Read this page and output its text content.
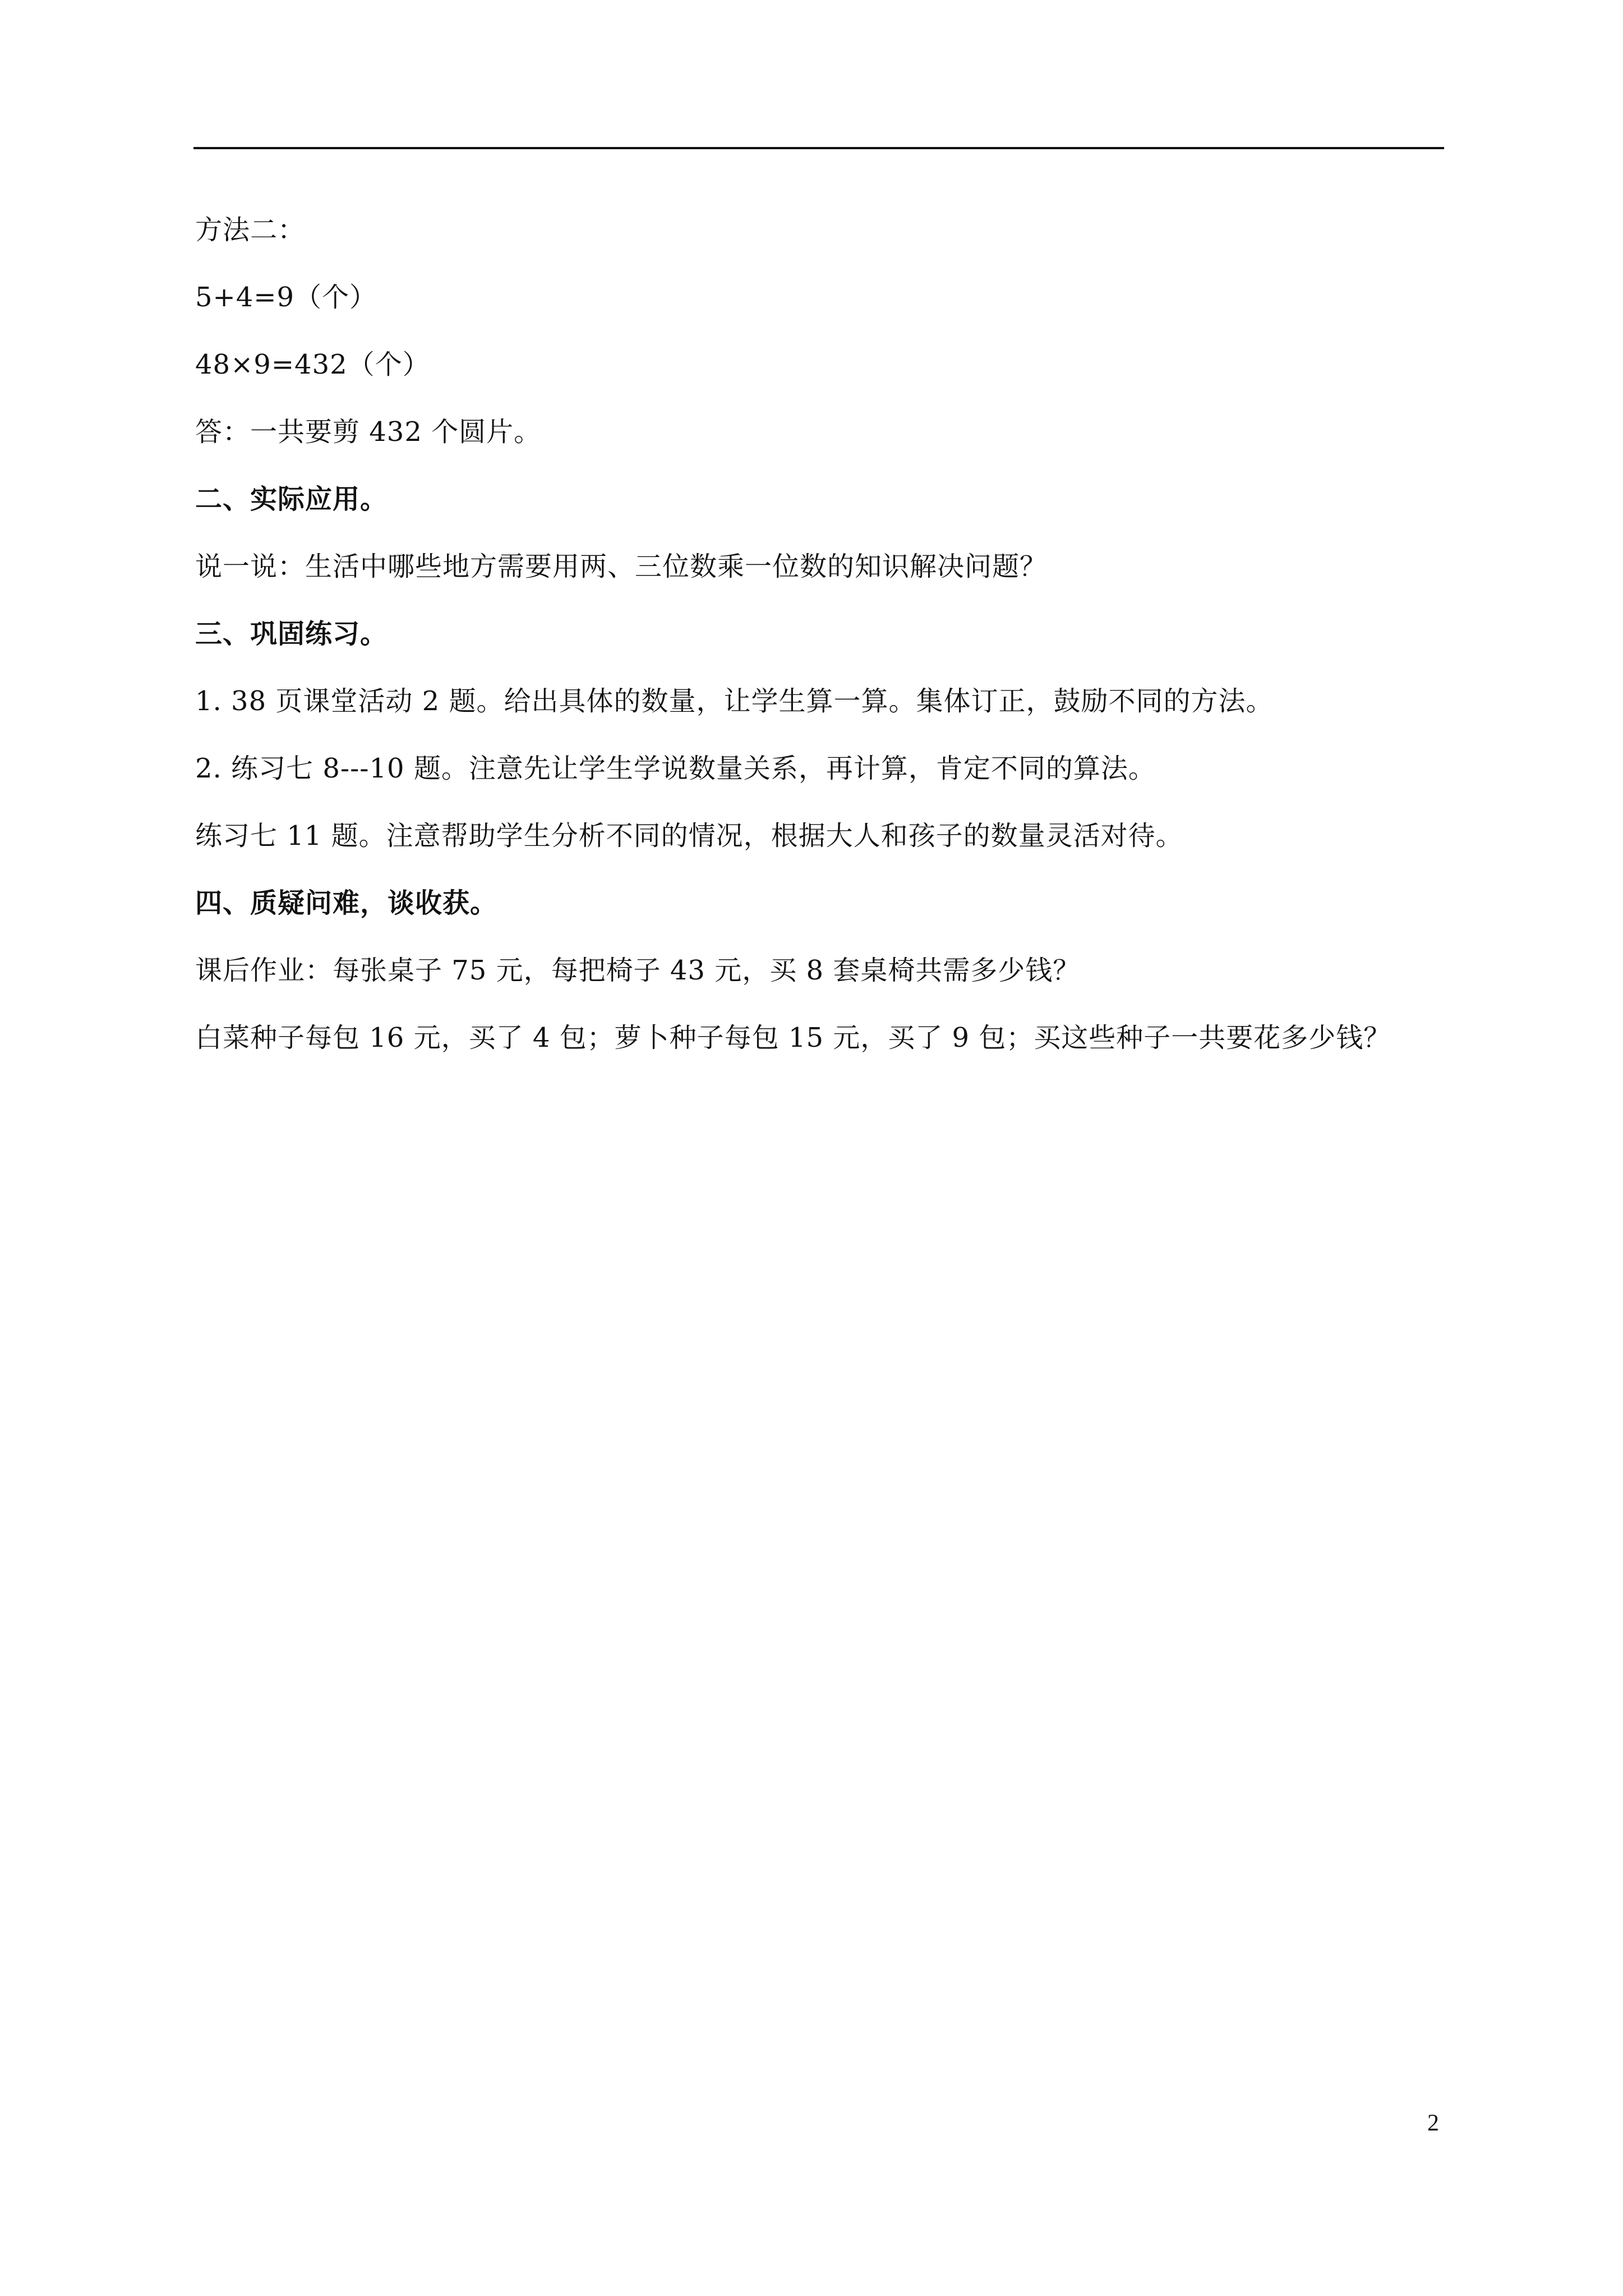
方法二：
5+4=9（个）
48×9=432（个）
答：一共要剪 432 个圆片。
二、实际应用。
说一说：生活中哪些地方需要用两、三位数乘一位数的知识解决问题？
三、巩固练习。
1. 38 页课堂活动 2 题。给出具体的数量，让学生算一算。集体订正，鼓励不同的方法。
2. 练习七 8---10 题。注意先让学生学说数量关系，再计算，肯定不同的算法。
练习七 11 题。注意帮助学生分析不同的情况，根据大人和孩子的数量灵活对待。
四、质疑问难，谈收获。
课后作业：每张桌子 75 元，每把椅子 43 元，买 8 套桌椅共需多少钱？
白菜种子每包 16 元，买了 4 包；萝卜种子每包 15 元，买了 9 包；买这些种子一共要花多少钱？
2
